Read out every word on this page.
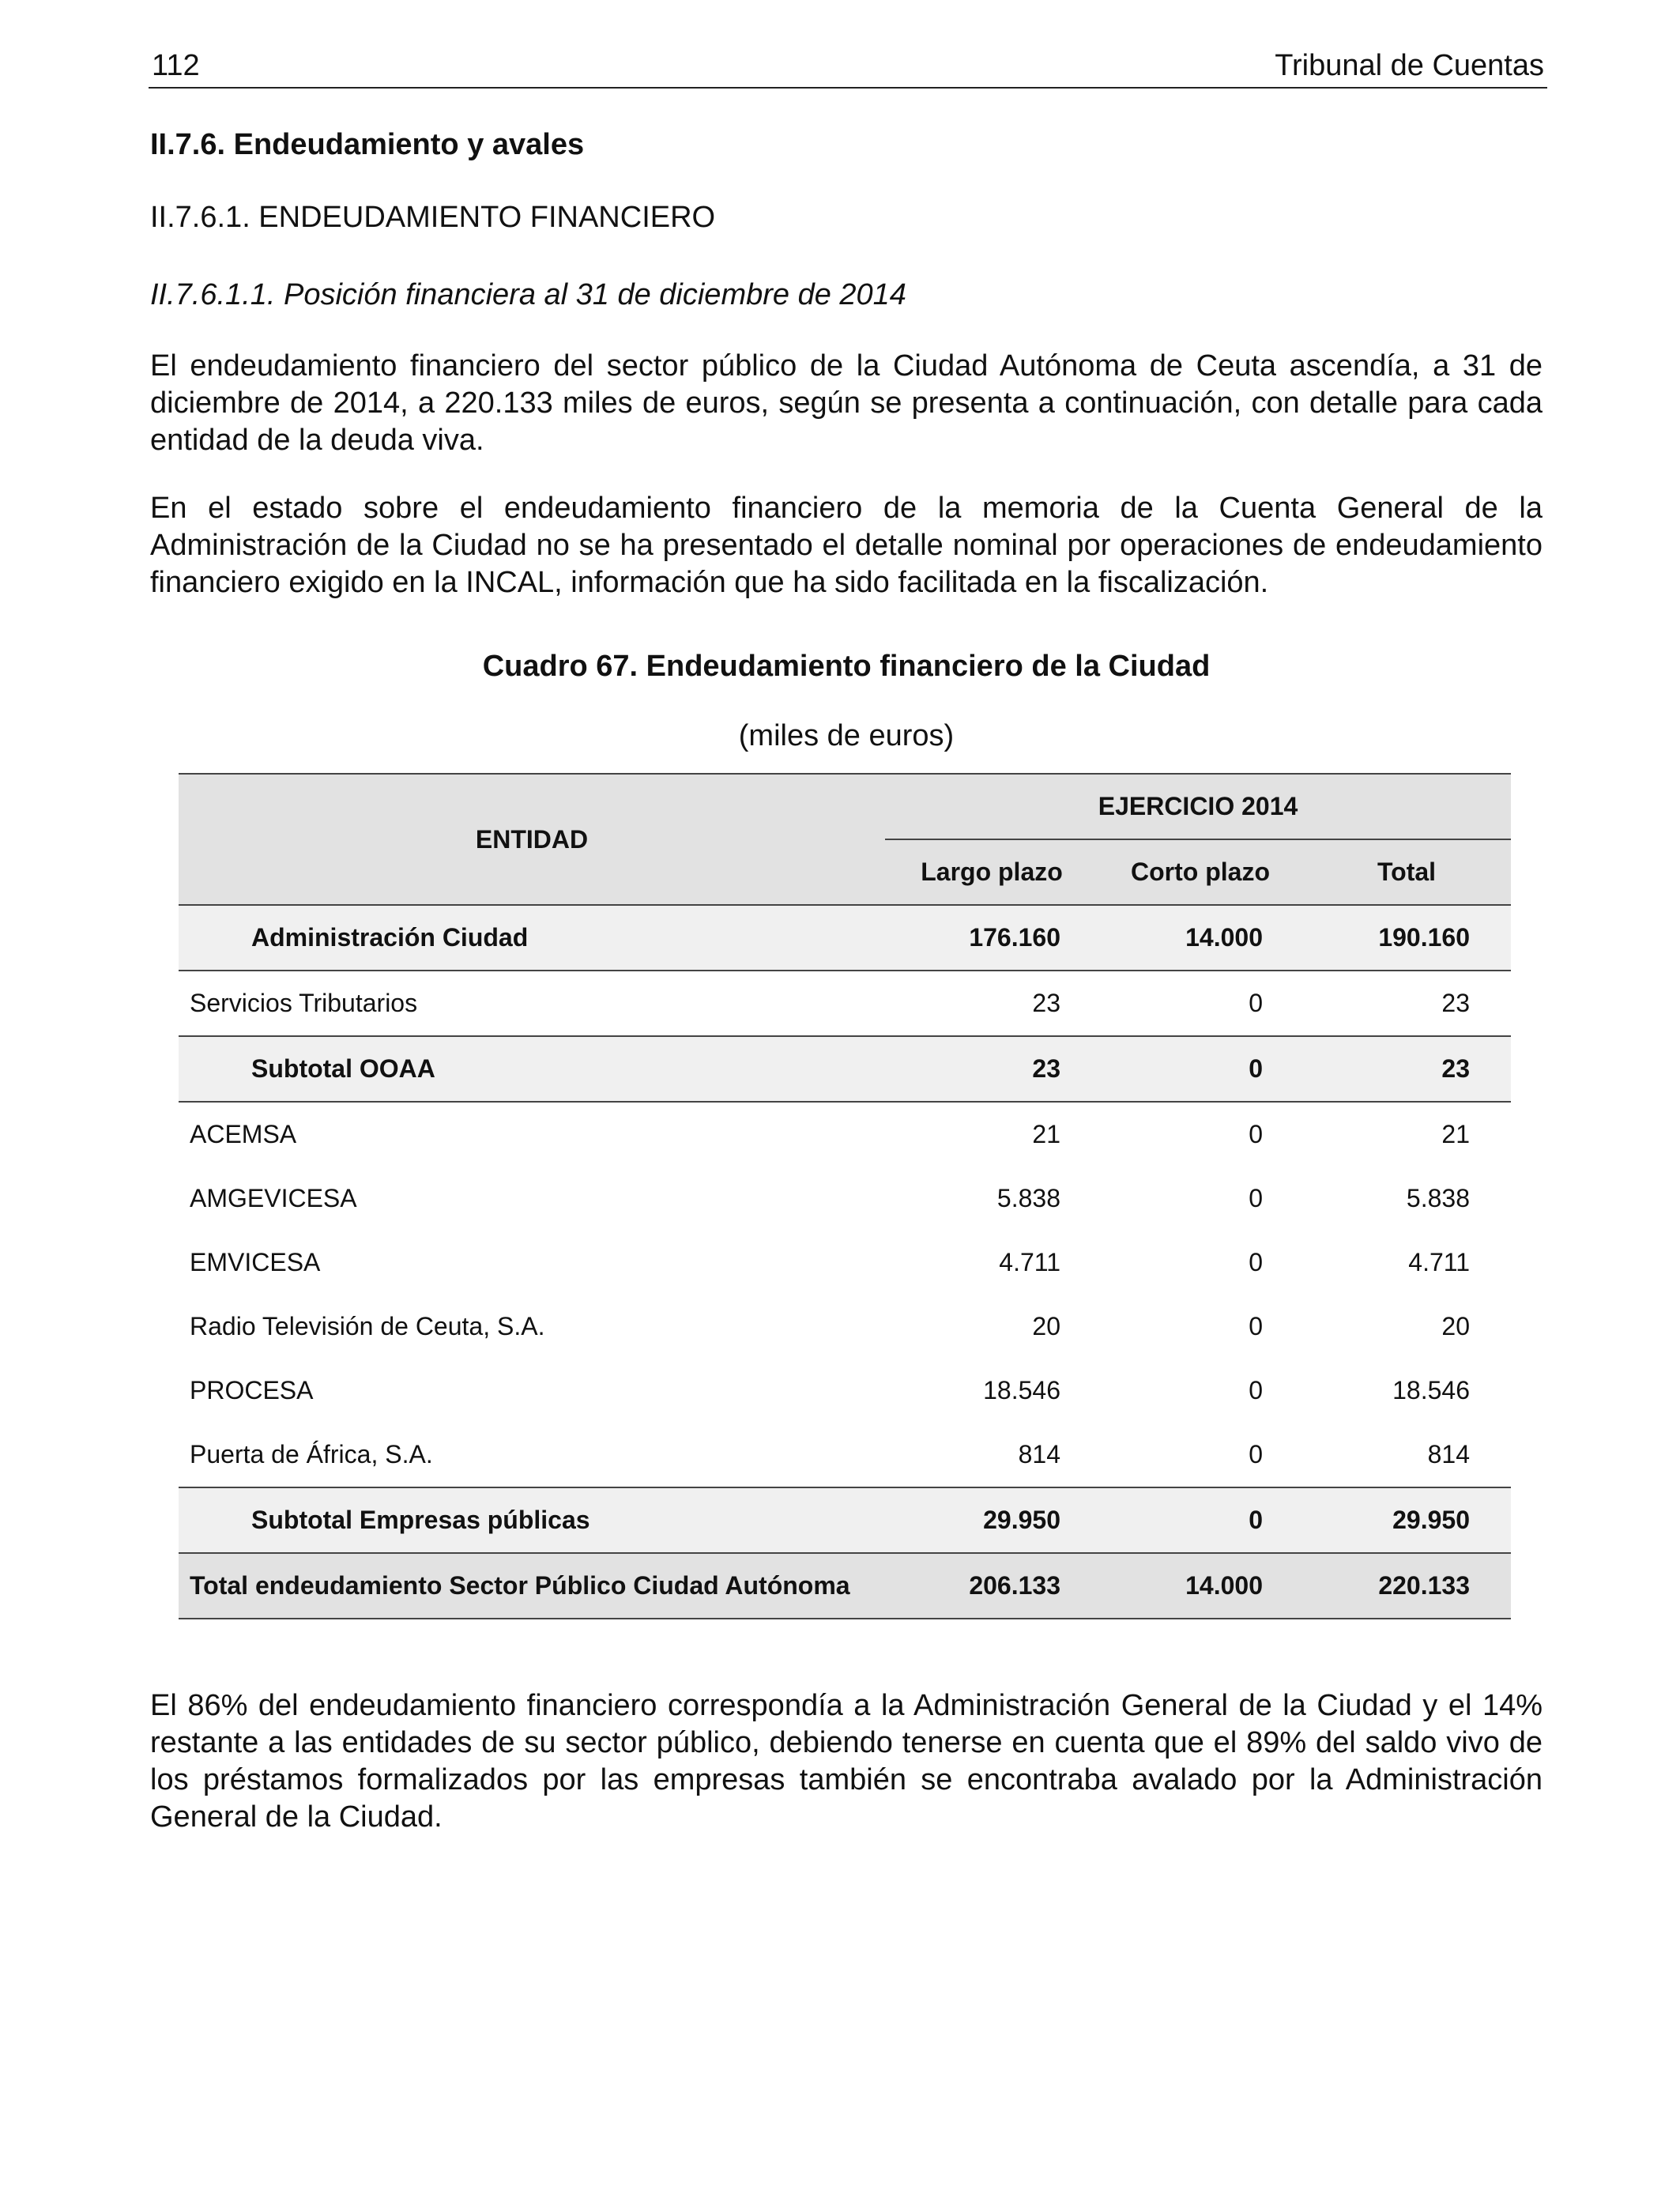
112	Tribunal de Cuentas

II.7.6. Endeudamiento y avales

II.7.6.1. ENDEUDAMIENTO FINANCIERO

II.7.6.1.1. Posición financiera al 31 de diciembre de 2014

El endeudamiento financiero del sector público de la Ciudad Autónoma de Ceuta ascendía, a 31 de diciembre de 2014, a 220.133 miles de euros, según se presenta a continuación, con detalle para cada entidad de la deuda viva.

En el estado sobre el endeudamiento financiero de la memoria de la Cuenta General de la Administración de la Ciudad no se ha presentado el detalle nominal por operaciones de endeudamiento financiero exigido en la INCAL, información que ha sido facilitada en la fiscalización.

Cuadro 67. Endeudamiento financiero de la Ciudad
(miles de euros)
ENTIDAD	EJERCICIO 2014		
	Largo plazo	Corto plazo	Total
Administración Ciudad	176.160	14.000	190.160
Servicios Tributarios	23	0	23
Subtotal OOAA	23	0	23
ACEMSA	21	0	21
AMGEVICESA	5.838	0	5.838
EMVICESA	4.711	0	4.711
Radio Televisión de Ceuta, S.A.	20	0	20
PROCESA	18.546	0	18.546
Puerta de África, S.A.	814	0	814
Subtotal Empresas públicas	29.950	0	29.950
Total endeudamiento Sector Público Ciudad Autónoma	206.133	14.000	220.133

El 86% del endeudamiento financiero correspondía a la Administración General de la Ciudad y el 14% restante a las entidades de su sector público, debiendo tenerse en cuenta que el 89% del saldo vivo de los préstamos formalizados por las empresas también se encontraba avalado por la Administración General de la Ciudad.
